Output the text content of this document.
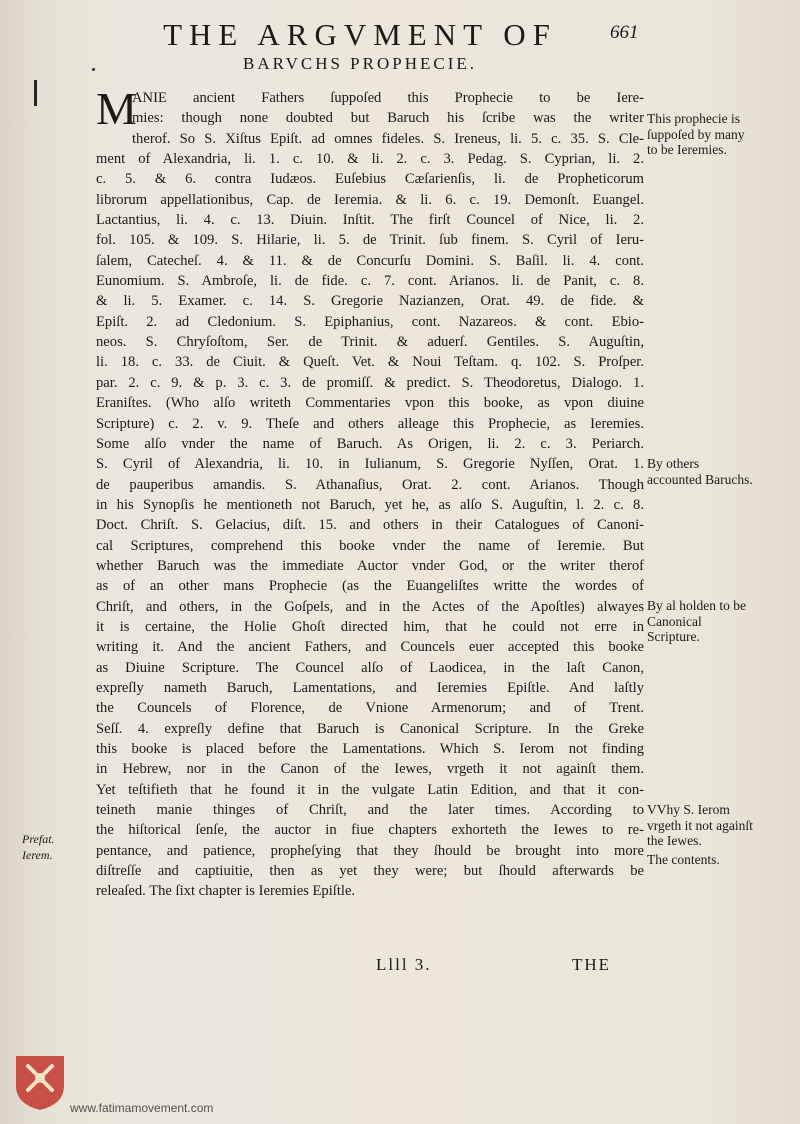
THE ARGVMENT OF	661
BARVCHS PROPHECIE.
M
ANIE ancient Fathers ſuppoſed this Prophecie to be Iere-
mies: though none doubted but Baruch his ſcribe was the writer
therof. So S. Xiſtus Epiſt. ad omnes fideles. S. Ireneus, li. 5. c. 35. S. Cle-
ment of Alexandria, li. 1. c. 10. & li. 2. c. 3. Pedag. S. Cyprian, li. 2.
c. 5. & 6. contra Iudæos. Euſebius Cæſarienſis, li. de Propheticorum
librorum appellationibus, Cap. de Ieremia. & li. 6. c. 19. Demonſt. Euangel.
Lactantius, li. 4. c. 13. Diuin. Inſtit. The firſt Councel of Nice, li. 2.
fol. 105. & 109. S. Hilarie, li. 5. de Trinit. ſub finem. S. Cyril of Ieru-
ſalem, Catecheſ. 4. & 11. & de Concurſu Domini. S. Baſil. li. 4. cont.
Eunomium. S. Ambroſe, li. de fide. c. 7. cont. Arianos. li. de Panit, c. 8.
& li. 5. Examer. c. 14. S. Gregorie Nazianzen, Orat. 49. de fide. &
Epiſt. 2. ad Cledonium. S. Epiphanius, cont. Nazareos. & cont. Ebio-
neos. S. Chryſoſtom, Ser. de Trinit. & aduerſ. Gentiles. S. Auguſtin,
li. 18. c. 33. de Ciuit. & Queſt. Vet. & Noui Teſtam. q. 102. S. Proſper.
par. 2. c. 9. & p. 3. c. 3. de promiſſ. & predict. S. Theodoretus, Dialogo. 1.
Eraniſtes. (Who alſo writeth Commentaries vpon this booke, as vpon diuine
Scripture) c. 2. v. 9. Theſe and others alleage this Prophecie, as Ieremies.
Some alſo vnder the name of Baruch. As Origen, li. 2. c. 3. Periarch.
S. Cyril of Alexandria, li. 10. in Iulianum, S. Gregorie Nyſſen, Orat. 1.
de pauperibus amandis. S. Athanaſius, Orat. 2. cont. Arianos. Though
in his Synopſis he mentioneth not Baruch, yet he, as alſo S. Auguſtin, l. 2. c. 8.
Doct. Chriſt. S. Gelacius, diſt. 15. and others in their Catalogues of Canoni-
cal Scriptures, comprehend this booke vnder the name of Ieremie. But
whether Baruch was the immediate Auctor vnder God, or the writer therof
as of an other mans Prophecie (as the Euangeliſtes writte the wordes of
Chriſt, and others, in the Goſpels, and in the Actes of the Apoſtles) alwayes
it is certaine, the Holie Ghoſt directed him, that he could not erre in
writing it. And the ancient Fathers, and Councels euer accepted this booke
as Diuine Scripture. The Councel alſo of Laodicea, in the laſt Canon,
expreſly nameth Baruch, Lamentations, and Ieremies Epiſtle. And laſtly
the Councels of Florence, de Vnione Armenorum; and of Trent.
Seſſ. 4. expreſly define that Baruch is Canonical Scripture. In the Greke
this booke is placed before the Lamentations. Which S. Ierom not finding
in Hebrew, nor in the Canon of the Iewes, vrgeth it not againſt them.
Yet teſtifieth that he found it in the vulgate Latin Edition, and that it con-
teineth manie thinges of Chriſt, and the later times. According to
the hiſtorical ſenſe, the auctor in fiue chapters exhorteth the Iewes to re-
pentance, and patience, propheſying that they ſhould be brought into more
diſtreſſe and captiuitie, then as yet they were; but ſhould afterwards be
releaſed. The ſixt chapter is Ieremies Epiſtle.
This prophecie is ſuppoſed by many to be Ieremies.
By others accounted Baruchs.
By al holden to be Canonical Scripture.
VVhy S. Ierom vrgeth it not againſt the Iewes.
The contents.
Prefat.
Ierem.
Llll 3.	THE
www.fatimamovement.com
